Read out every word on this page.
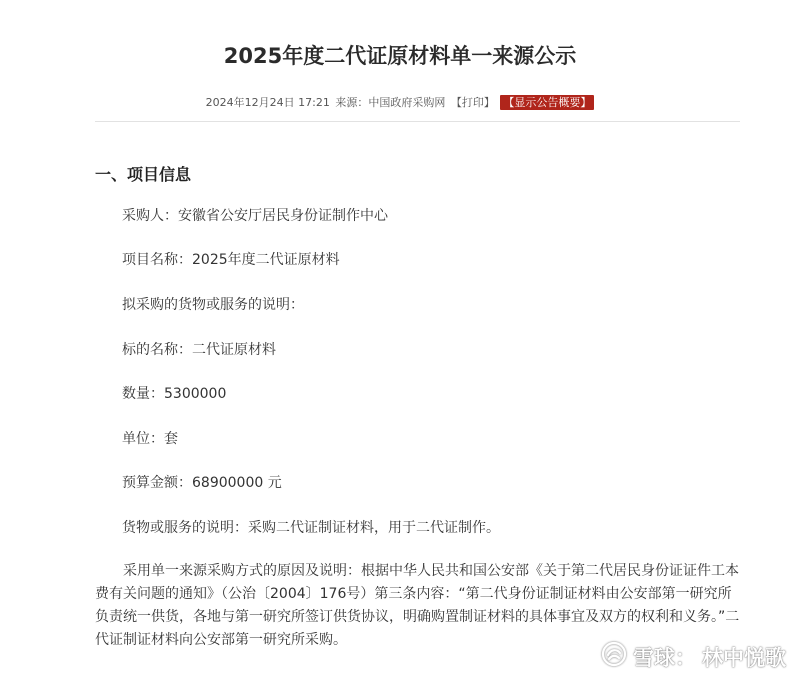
2025年度二代证原材料单一来源公示
2024年12月24日 17:21 来源：中国政府采购网 【打印】 【显示公告概要】
一、项目信息
采购人：安徽省公安厅居民身份证制作中心
项目名称：2025年度二代证原材料
拟采购的货物或服务的说明：
标的名称：二代证原材料
数量：5300000
单位：套
预算金额：68900000 元
货物或服务的说明：采购二代证制证材料，用于二代证制作。

采用单一来源采购方式的原因及说明：根据中华人民共和国公安部《关于第二代居民身份证证件工本费有关问题的通知》（公治〔2004〕176号）第三条内容：“第二代身份证制证材料由公安部第一研究所负责统一供货，各地与第一研究所签订供货协议，明确购置制证材料的具体事宜及双方的权利和义务。”二代证制证材料向公安部第一研究所采购。

雪球： 林中悦歌
